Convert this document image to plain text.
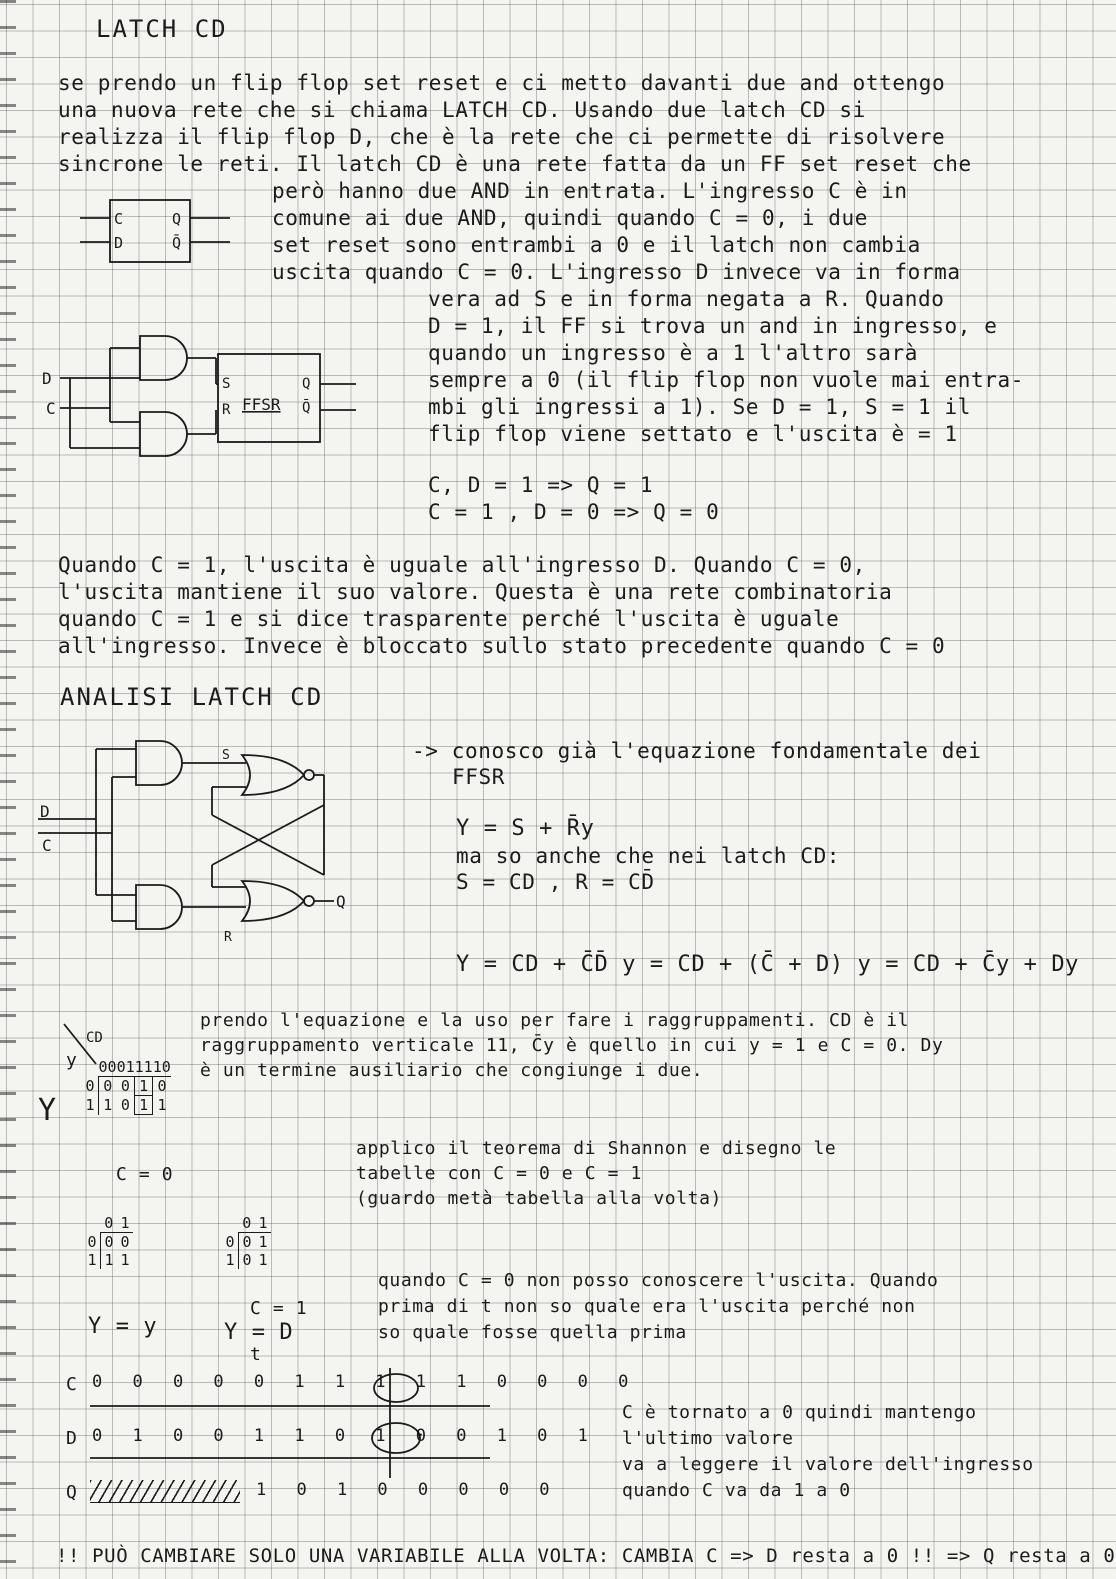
LATCH CD
se prendo un flip flop set reset e ci metto davanti due and ottengo
una nuova rete che si chiama LATCH CD. Usando due latch CD si
realizza il flip flop D, che è la rete che ci permette di risolvere
sincrone le reti. Il latch CD è una rete fatta da un FF set reset che
però hanno due AND in entrata. L'ingresso C è in
comune ai due AND, quindi quando C = 0, i due
set reset sono entrambi a 0 e il latch non cambia
uscita quando C = 0. L'ingresso D invece va in forma
vera ad S e in forma negata a R. Quando
D = 1, il FF si trova un and in ingresso, e
quando un ingresso è a 1 l'altro sarà
sempre a 0 (il flip flop non vuole mai entra-
mbi gli ingressi a 1). Se D = 1, S = 1 il
flip flop viene settato e l'uscita è = 1
C, D = 1 => Q = 1
C = 1 , D = 0 => Q = 0
C
D
Q
Q̄
D
C
S
R FFSR
Q
Q̄
Quando C = 1, l'uscita è uguale all'ingresso D. Quando C = 0,
l'uscita mantiene il suo valore. Questa è una rete combinatoria
quando C = 1 e si dice trasparente perché l'uscita è uguale
all'ingresso. Invece è bloccato sullo stato precedente quando C = 0
ANALISI LATCH CD
D
C
S
R
Q
-> conosco già l'equazione fondamentale dei
FFSR
Y = S + R̄y
ma so anche che nei latch CD:
S = CD , R = CD̄
Y = CD + C̄D̄ y = CD + (C̄ + D) y = CD + C̄y + Dy
prendo l'equazione e la uso per fare i raggruppamenti. CD è il
raggruppamento verticale 11, C̄y è quello in cui y = 1 e C = 0. Dy
è un termine ausiliario che congiunge i due.
CD
y
Y
	00	01	11	10
0	0	0	1	0
1	1	0	1	1
applico il teorema di Shannon e disegno le
tabelle con C = 0 e C = 1
(guardo metà tabella alla volta)
C = 0
	0	1
0	0	0
1	1	1
Y = y
	0	1
0	0	1
1	0	1
C = 1
Y = D
t
quando C = 0 non posso conoscere l'uscita. Quando
prima di t non so quale era l'uscita perché non
so quale fosse quella prima
C 0 0 0 0 0 1 1 1 1 1 0 0 0 0
D 0 1 0 0 1 1 0 1 0 0 1 0 1
Q	1 0 1 0 0 0 0 0
C è tornato a 0 quindi mantengo
l'ultimo valore
va a leggere il valore dell'ingresso
quando C va da 1 a 0
!! PUÒ CAMBIARE SOLO UNA VARIABILE ALLA VOLTA: CAMBIA C => D resta a 0 !! => Q resta a 0
